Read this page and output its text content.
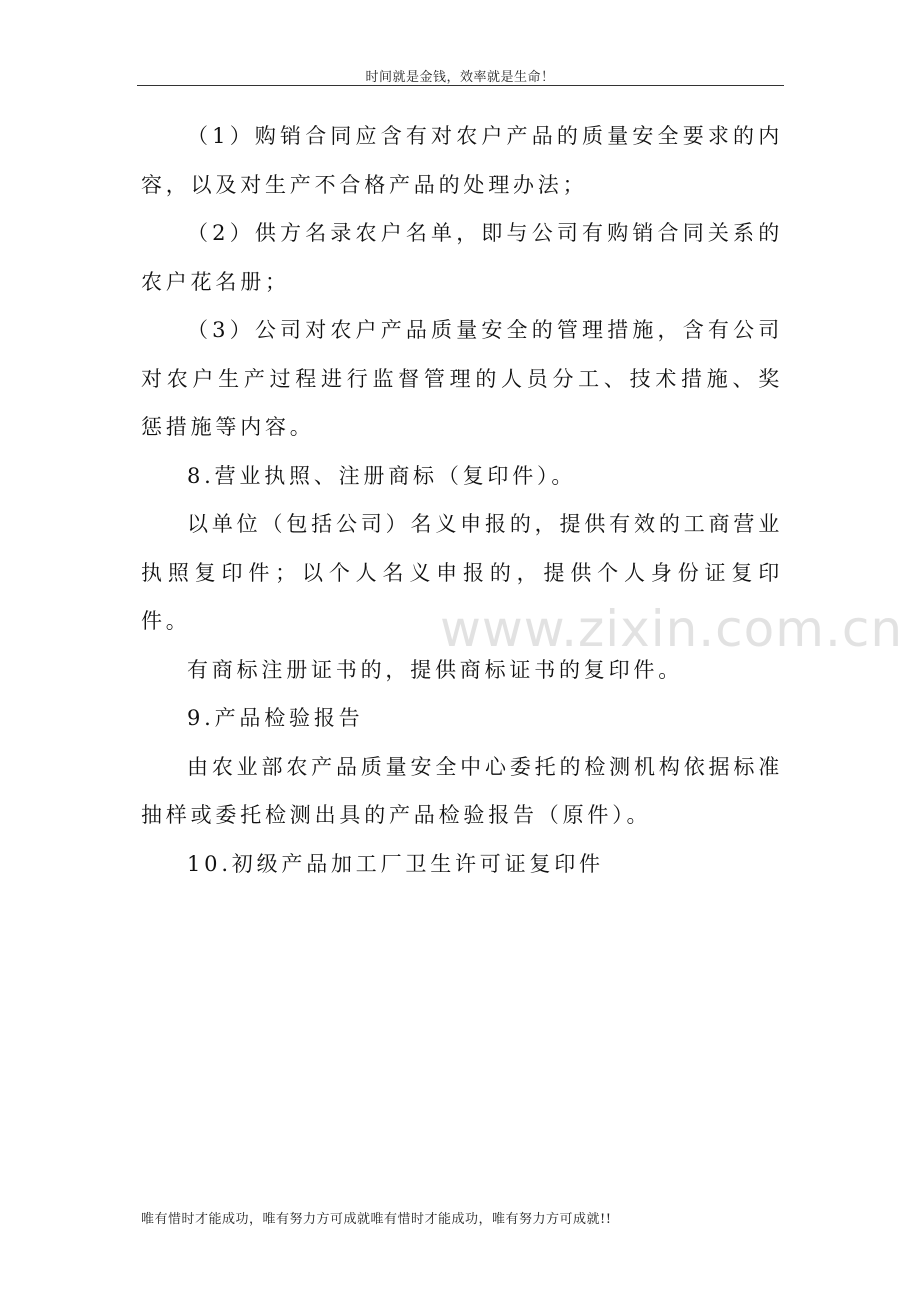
时间就是金钱，效率就是生命！
www.zixin.com.cn

（1）购销合同应含有对农户产品的质量安全要求的内容，以及对生产不合格产品的处理办法；

（2）供方名录农户名单，即与公司有购销合同关系的农户花名册；

（3）公司对农户产品质量安全的管理措施，含有公司对农户生产过程进行监督管理的人员分工、技术措施、奖惩措施等内容。

8.营业执照、注册商标（复印件）。

以单位（包括公司）名义申报的，提供有效的工商营业执照复印件；以个人名义申报的，提供个人身份证复印件。

有商标注册证书的，提供商标证书的复印件。

9.产品检验报告

由农业部农产品质量安全中心委托的检测机构依据标准抽样或委托检测出具的产品检验报告（原件）。

10.初级产品加工厂卫生许可证复印件

唯有惜时才能成功，唯有努力方可成就唯有惜时才能成功，唯有努力方可成就!!
